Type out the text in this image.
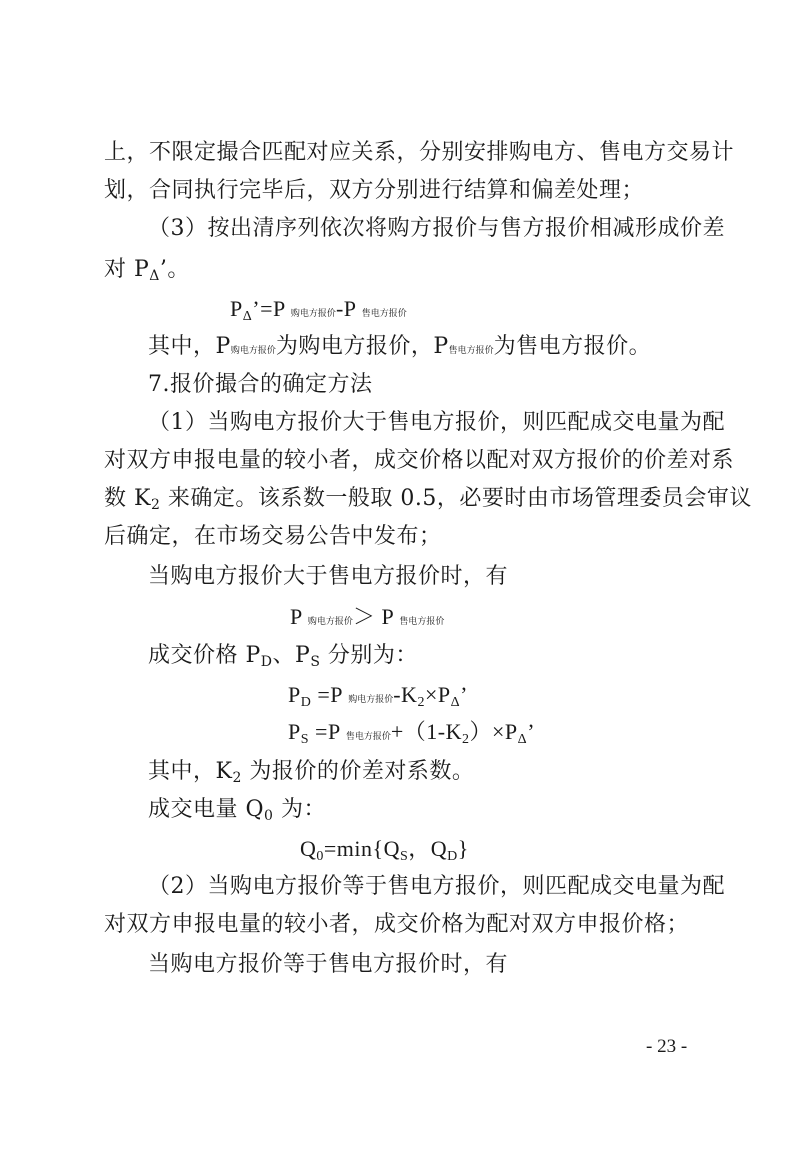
上，不限定撮合匹配对应关系，分别安排购电方、售电方交易计
划，合同执行完毕后，双方分别进行结算和偏差处理；
（3）按出清序列依次将购方报价与售方报价相减形成价差
对 $P_\Delta$’。
$P_\Delta’=P$ 购电方报价-P 售电方报价
其中，P购电方报价为购电方报价，P售电方报价为售电方报价。
7.报价撮合的确定方法
（1）当购电方报价大于售电方报价，则匹配成交电量为配
对双方申报电量的较小者，成交价格以配对双方报价的价差对系
数 $K_2$ 来确定。该系数一般取 0.5，必要时由市场管理委员会审议
后确定，在市场交易公告中发布；
当购电方报价大于售电方报价时，有
P 购电方报价＞ P 售电方报价
成交价格 $P_D$、$P_S$ 分别为：
$P_D =P$ 购电方报价$-K_2\times P_\Delta$’
$P_S =P$ 售电方报价$+(1-K_2)\times P_\Delta$’
其中，$K_2$ 为报价的价差对系数。
成交电量 $Q_0$ 为：
$Q_0=\min\{Q_S$，$Q_D$}
（2）当购电方报价等于售电方报价，则匹配成交电量为配
对双方申报电量的较小者，成交价格为配对双方申报价格；
当购电方报价等于售电方报价时，有
- 23 -
